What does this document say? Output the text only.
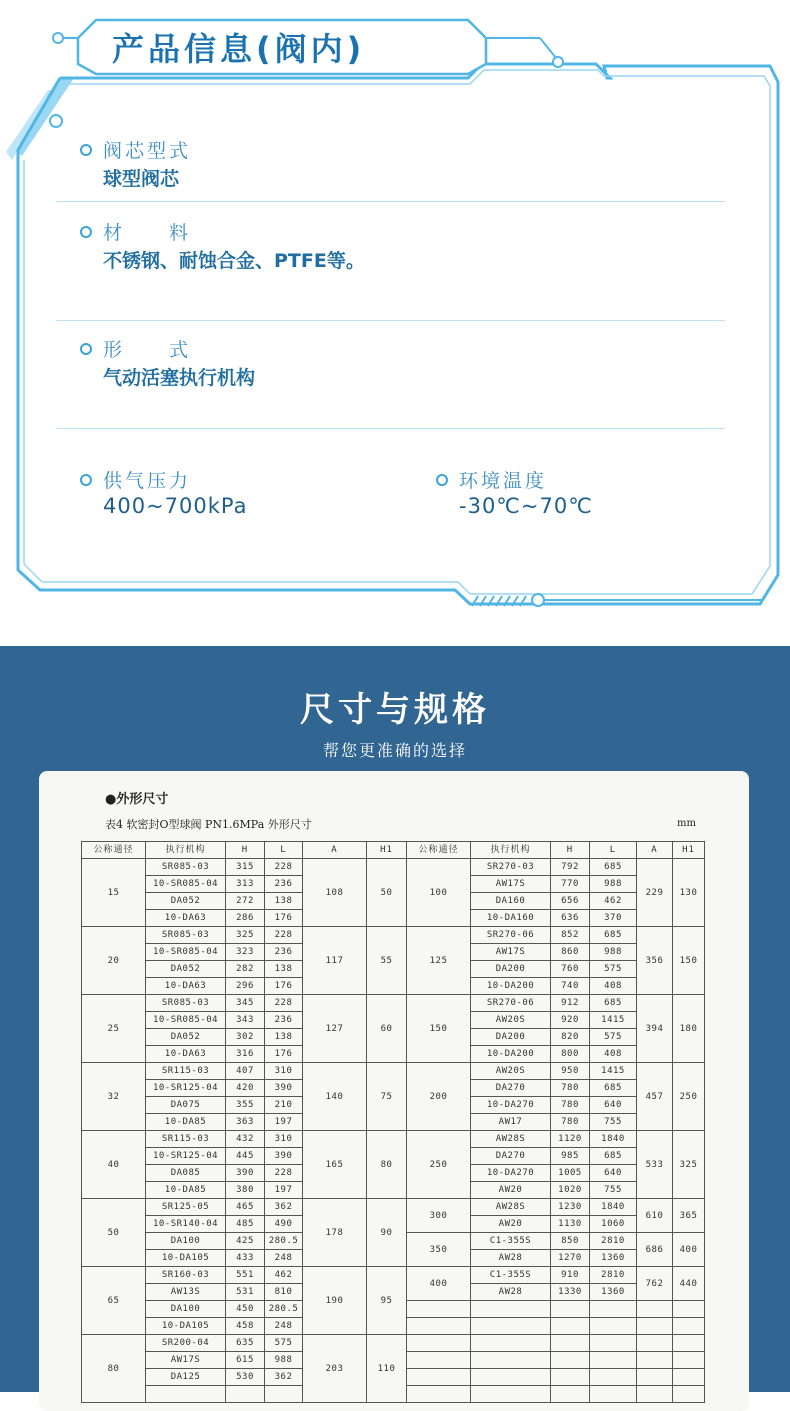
产品信息(阀内)
阀芯型式
球型阀芯
材　　料
不锈钢、耐蚀合金、PTFE等。
形　　式
气动活塞执行机构
供气压力
400~700kPa
环境温度
-30℃~70℃
尺寸与规格
帮您更准确的选择
●外形尺寸
表4 软密封O型球阀 PN1.6MPa 外形尺寸	mm
公称通径	执行机构	H	L	A	H1	公称通径	执行机构	H	L	A	H1
15	SR085-03	315	228	108	50	100	SR270-03	792	685	229	130
	10-SR085-04	313	236				AW17S	770	988		
	DA052	272	138				DA160	656	462		
	10-DA63	286	176				10-DA160	636	370		
20	SR085-03	325	228	117	55	125	SR270-06	852	685	356	150
	10-SR085-04	323	236				AW17S	860	988		
	DA052	282	138				DA200	760	575		
	10-DA63	296	176				10-DA200	740	408		
25	SR085-03	345	228	127	60	150	SR270-06	912	685	394	180
	10-SR085-04	343	236				AW20S	920	1415		
	DA052	302	138				DA200	820	575		
	10-DA63	316	176				10-DA200	800	408		
32	SR115-03	407	310	140	75	200	AW20S	950	1415	457	250
	10-SR125-04	420	390				DA270	780	685		
	DA075	355	210				10-DA270	780	640		
	10-DA85	363	197				AW17	780	755		
40	SR115-03	432	310	165	80	250	AW28S	1120	1840	533	325
	10-SR125-04	445	390				DA270	985	685		
	DA085	390	228				10-DA270	1005	640		
	10-DA85	380	197				AW20	1020	755		
50	SR125-05	465	362	178	90	300	AW28S	1230	1840	610	365
	10-SR140-04	485	490				AW20	1130	1060		
	DA100	425	280.5			350	C1-355S	850	2810	686	400
	10-DA105	433	248				AW28	1270	1360		
65	SR160-03	551	462	190	95	400	C1-355S	910	2810	762	440
	AW13S	531	810				AW28	1330	1360		
	DA100	450	280.5								
	10-DA105	458	248								
80	SR200-04	635	575	203	110						
	AW17S	615	988								
	DA125	530	362								
